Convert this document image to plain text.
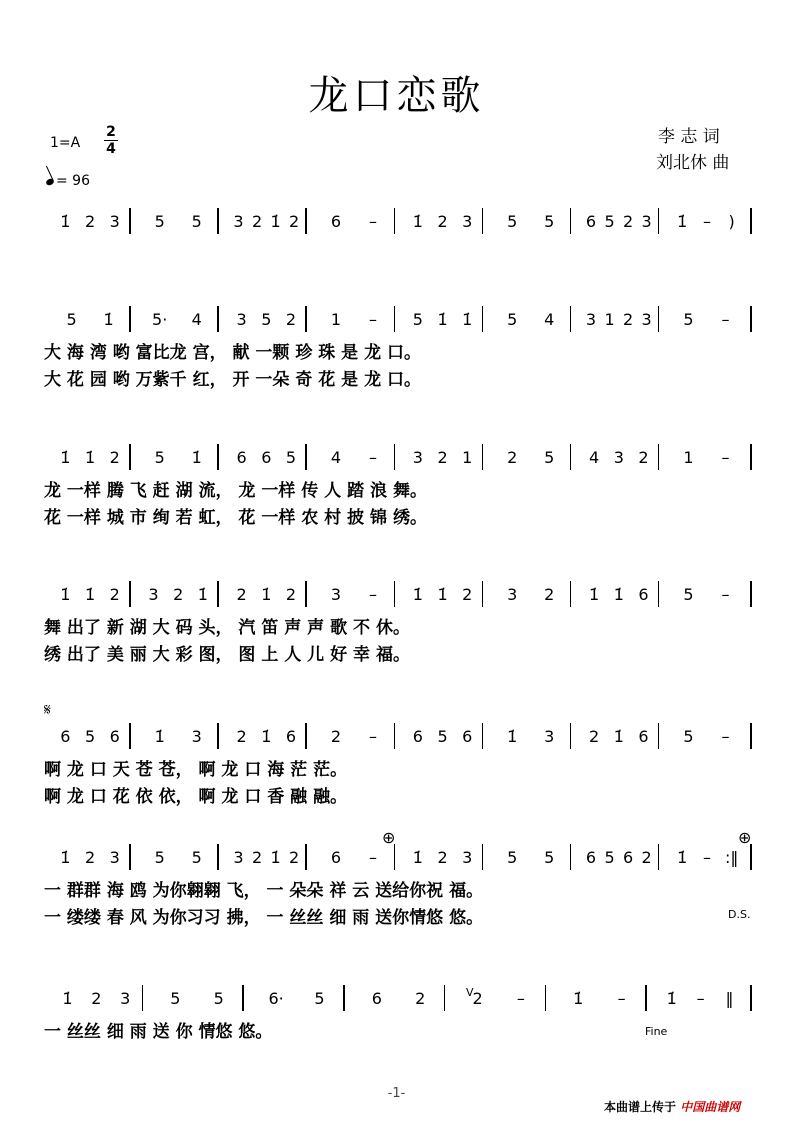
龙口恋歌
李 志 词
刘北休 曲
1=A
2
4
= 96
1̇ 2 3 5 5 3 2 1̇ 2 6 – 1̇ 2 3 5 5 6 5 2 3 1̇ – )
5 1̇ 5· 4 3 5 2 1 – 5 1̇ 1̇ 5 4 3 1 2 3 5 –
大 海 湾 哟 富比龙 宫， 献 一颗 珍 珠 是 龙 口。
大 花 园 哟 万紫千 红， 开 一朵 奇 花 是 龙 口。
1̇ 1̇ 2 5 1̇ 6 6 5 4 – 3 2 1 2 5 4 3 2 1 –
龙 一样 腾 飞 赶 湖 流， 龙 一样 传 人 踏 浪 舞。
花 一样 城 市 绚 若 虹， 花 一样 农 村 披 锦 绣。
1̇ 1̇ 2 3 2 1̇ 2 1̇ 2 3 – 1̇ 1̇ 2 3 2 1̇ 1̇ 6 5 –
舞 出了 新 湖 大 码 头， 汽 笛 声 声 歌 不 休。
绣 出了 美 丽 大 彩 图， 图 上 人 儿 好 幸 福。
6 5 6 1̇ 3 2 1̇ 6 2 – 6 5 6 1̇ 3 2 1̇ 6 5 –
啊 龙 口 天 苍 苍， 啊 龙 口 海 茫 茫。
啊 龙 口 花 依 依， 啊 龙 口 香 融 融。
1̇ 2 3 5 5 3 2 1̇ 2 6 – 1̇ 2 3 5 5 6 5 6 2 1̇ – :‖
一 群群 海 鸥 为你翱翱 飞， 一 朵朵 祥 云 送给你祝 福。
一 缕缕 春 风 为你习习 拂， 一 丝丝 细 雨 送你情悠 悠。
1̇ 2 3 5 5	6· 5	6 2	2 –	1̇ –	1̇ – ‖
一 丝丝 细 雨 送 你 情悠 悠。
𝄋
⊕	⊕
D.S.
Fine
V
-1-
本曲谱上传于 中国曲谱网
